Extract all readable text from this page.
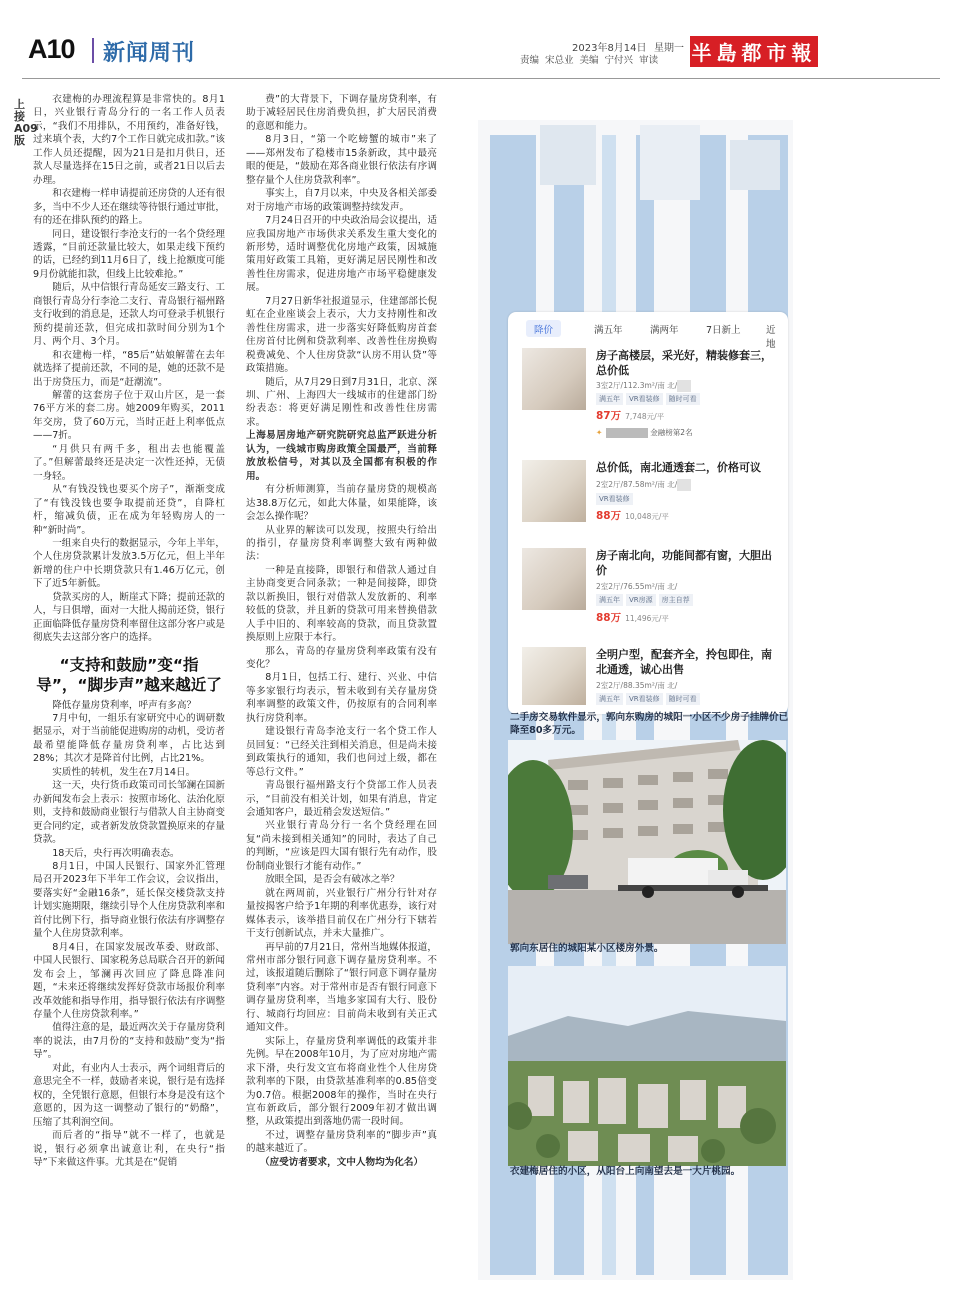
A10 新闻周刊	2023年8月14日 星期一
责编 宋总业 美编 宁付兴 审读 半島都市報
上接A09版

衣建梅的办理流程算是非常快的。8月1日，兴业银行青岛分行的一名工作人员表示，“我们不用排队，不用预约，准备好钱，过来填个表，大约7个工作日就完成扣款。”该工作人员还提醒，因为21日是扣月供日，还款人尽量选择在15日之前，或者21日以后去办理。

和衣建梅一样申请提前还房贷的人还有很多，当中不少人还在继续等待银行通过审批，有的还在排队预约的路上。

同日，建设银行李沧支行的一名个贷经理透露，“目前还款量比较大，如果走线下预约的话，已经约到11月6日了，线上抢额度可能9月份就能扣款，但线上比较难抢。”

随后，从中信银行青岛延安三路支行、工商银行青岛分行李沧二支行、青岛银行福州路支行收到的消息是，还款人均可登录手机银行预约提前还款，但完成扣款时间分别为1个月、两个月、3个月。

和衣建梅一样，“85后”姑娘解蕾在去年就选择了提前还款，不同的是，她的还款不是出于房贷压力，而是“赶潮流”。

解蕾的这套房子位于双山片区，是一套76平方米的套二房。她2009年购买，2011年交房，贷了60万元，当时正赶上利率低点——7折。

“月供只有两千多，租出去也能覆盖了。”但解蕾最终还是决定一次性还掉，无债一身轻。

从“有钱没钱也要买个房子”，渐渐变成了“有钱没钱也要争取提前还贷”，自降杠杆，缩减负债，正在成为年轻购房人的一种“新时尚”。

一组来自央行的数据显示，今年上半年，个人住房贷款累计发放3.5万亿元，但上半年新增的住户中长期贷款只有1.46万亿元，创下了近5年新低。

贷款买房的人，断崖式下降；提前还款的人，与日俱增，面对一大批人揭前还贷，银行正面临降低存量房贷利率留住这部分客户或是彻底失去这部分客户的选择。

“支持和鼓励”变“指导”，“脚步声”越来越近了

降低存量房贷利率，呼声有多高？

7月中旬，一组乐有家研究中心的调研数据显示，对于当前能促进购房的动机，受访者最希望能降低存量房贷利率，占比达到28%；其次才是降首付比例，占比21%。

实质性的转机，发生在7月14日。

这一天，央行货币政策司司长邹澜在国新办新闻发布会上表示：按照市场化、法治化原则，支持和鼓励商业银行与借款人自主协商变更合同约定，或者新发放贷款置换原来的存量贷款。

18天后，央行再次明确表态。

8月1日，中国人民银行、国家外汇管理局召开2023年下半年工作会议，会议指出，要落实好“金融16条”，延长保交楼贷款支持计划实施期限，继续引导个人住房贷款利率和首付比例下行，指导商业银行依法有序调整存量个人住房贷款利率。

8月4日，在国家发展改革委、财政部、中国人民银行、国家税务总局联合召开的新闻发布会上，邹澜再次回应了降息降准问题，“未来还将继续发挥好贷款市场报价利率改革效能和指导作用，指导银行依法有序调整存量个人住房贷款利率。”

值得注意的是，最近两次关于存量房贷利率的说法，由7月份的“支持和鼓励”变为“指导”。

对此，有业内人士表示，两个词组背后的意思完全不一样，鼓励者来说，银行是有选择权的，全凭银行意愿，但银行本身是没有这个意愿的，因为这一调整动了银行的“奶酪”，压缩了其利润空间。

而后者的“指导”就不一样了，也就是说，银行必须拿出诚意让利，在央行“指导”下来做这件事。尤其是在“促销

费”的大背景下，下调存量房贷利率，有助于减轻居民住房消费负担，扩大居民消费的意愿和能力。

8月3日，“第一个吃螃蟹的城市”来了——郑州发布了稳楼市15条新政，其中最亮眼的便是，“鼓励在郑各商业银行依法有序调整存量个人住房贷款利率”。

事实上，自7月以来，中央及各相关部委对于房地产市场的政策调整持续发声。

7月24日召开的中央政治局会议提出，适应我国房地产市场供求关系发生重大变化的新形势，适时调整优化房地产政策，因城施策用好政策工具箱，更好满足居民刚性和改善性住房需求，促进房地产市场平稳健康发展。

7月27日新华社报道显示，住建部部长倪虹在企业座谈会上表示，大力支持刚性和改善性住房需求，进一步落实好降低购房首套住房首付比例和贷款利率、改善性住房换购税费减免、个人住房贷款“认房不用认贷”等政策措施。

随后，从7月29日到7月31日，北京、深圳、广州、上海四大一线城市的住建部门纷纷表态：将更好满足刚性和改善性住房需求。

上海易居房地产研究院研究总监严跃进分析认为，一线城市购房政策全国最严，当前释放放松信号，对其以及全国都有积极的作用。

有分析师测算，当前存量房贷的规模高达38.8万亿元，如此大体量，如果能降，该会怎么操作呢？

从业界的解读可以发现，按照央行给出的指引，存量房贷利率调整大致有两种做法：

一种是直接降，即银行和借款人通过自主协商变更合同条款；一种是间接降，即贷款以新换旧，银行对借款人发放新的、利率较低的贷款，并且新的贷款可用来替换借款人手中旧的、利率较高的贷款，而且贷款置换原则上应限于本行。

那么，青岛的存量房贷利率政策有没有变化？

8月1日，包括工行、建行、兴业、中信等多家银行均表示，暂未收到有关存量房贷利率调整的政策文件，仍按原有的合同利率执行房贷利率。

建设银行青岛李沧支行一名个贷工作人员回复：“已经关注到相关消息，但是尚未接到政策执行的通知，我们也问过上级，都在等总行文件。”

青岛银行福州路支行个贷部工作人员表示，“目前没有相关计划，如果有消息，肯定会通知客户，最近稍会发送短信。”

兴业银行青岛分行一名个贷经理在回复“尚未接到相关通知”的同时，表达了自己的判断，“应该是四大国有银行先有动作，股份制商业银行才能有动作。”

放眼全国，是否会有破冰之举？

就在两周前，兴业银行广州分行针对存量按揭客户给予1年期的利率优惠券，该行对媒体表示，该举措目前仅在广州分行下辖若干支行创新试点，并未大量推广。

再早前的7月21日，常州当地媒体报道，常州市部分银行同意下调存量房贷利率。不过，该报道随后删除了“银行同意下调存量房贷利率”内容。对于常州市是否有银行同意下调存量房贷利率，当地多家国有大行、股份行、城商行均回应：目前尚未收到有关正式通知文件。

实际上，存量房贷利率调低的政策并非先例。早在2008年10月，为了应对房地产需求下滑，央行发文宣布将商业性个人住房贷款利率的下限，由贷款基准利率的0.85倍变为0.7倍。根据2008年的操作，当时在央行宣布新政后，部分银行2009年初才做出调整，从政策提出到落地仍需一段时间。

不过，调整存量房贷利率的“脚步声”真的越来越近了。

（应受访者要求，文中人物均为化名）

降价	满五年	满两年	7日新上	近地
房子高楼层，采光好，精装修套三，总价低
3室2厅/112.3m²/南 北/
满五年 VR看装修 随时可看
87万 7,748元/平
✦	金融榜第2名
总价低，南北通透套二，价格可议
2室2厅/87.58m²/南 北/
VR看装修
88万 10,048元/平
房子南北向，功能间都有窗，大胆出价
2室2厅/76.55m²/南 北/
满五年 VR房源 房主自荐
88万 11,496元/平
全明户型，配套齐全，拎包即住，南北通透，诚心出售
2室2厅/88.35m²/南 北/
满五年 VR看装修 随时可看
二手房交易软件显示，郭向东购房的城阳一小区不少房子挂牌价已降至80多万元。
郭向东居住的城阳某小区楼房外景。
衣建梅居住的小区，从阳台上向南望去是一大片桃园。
